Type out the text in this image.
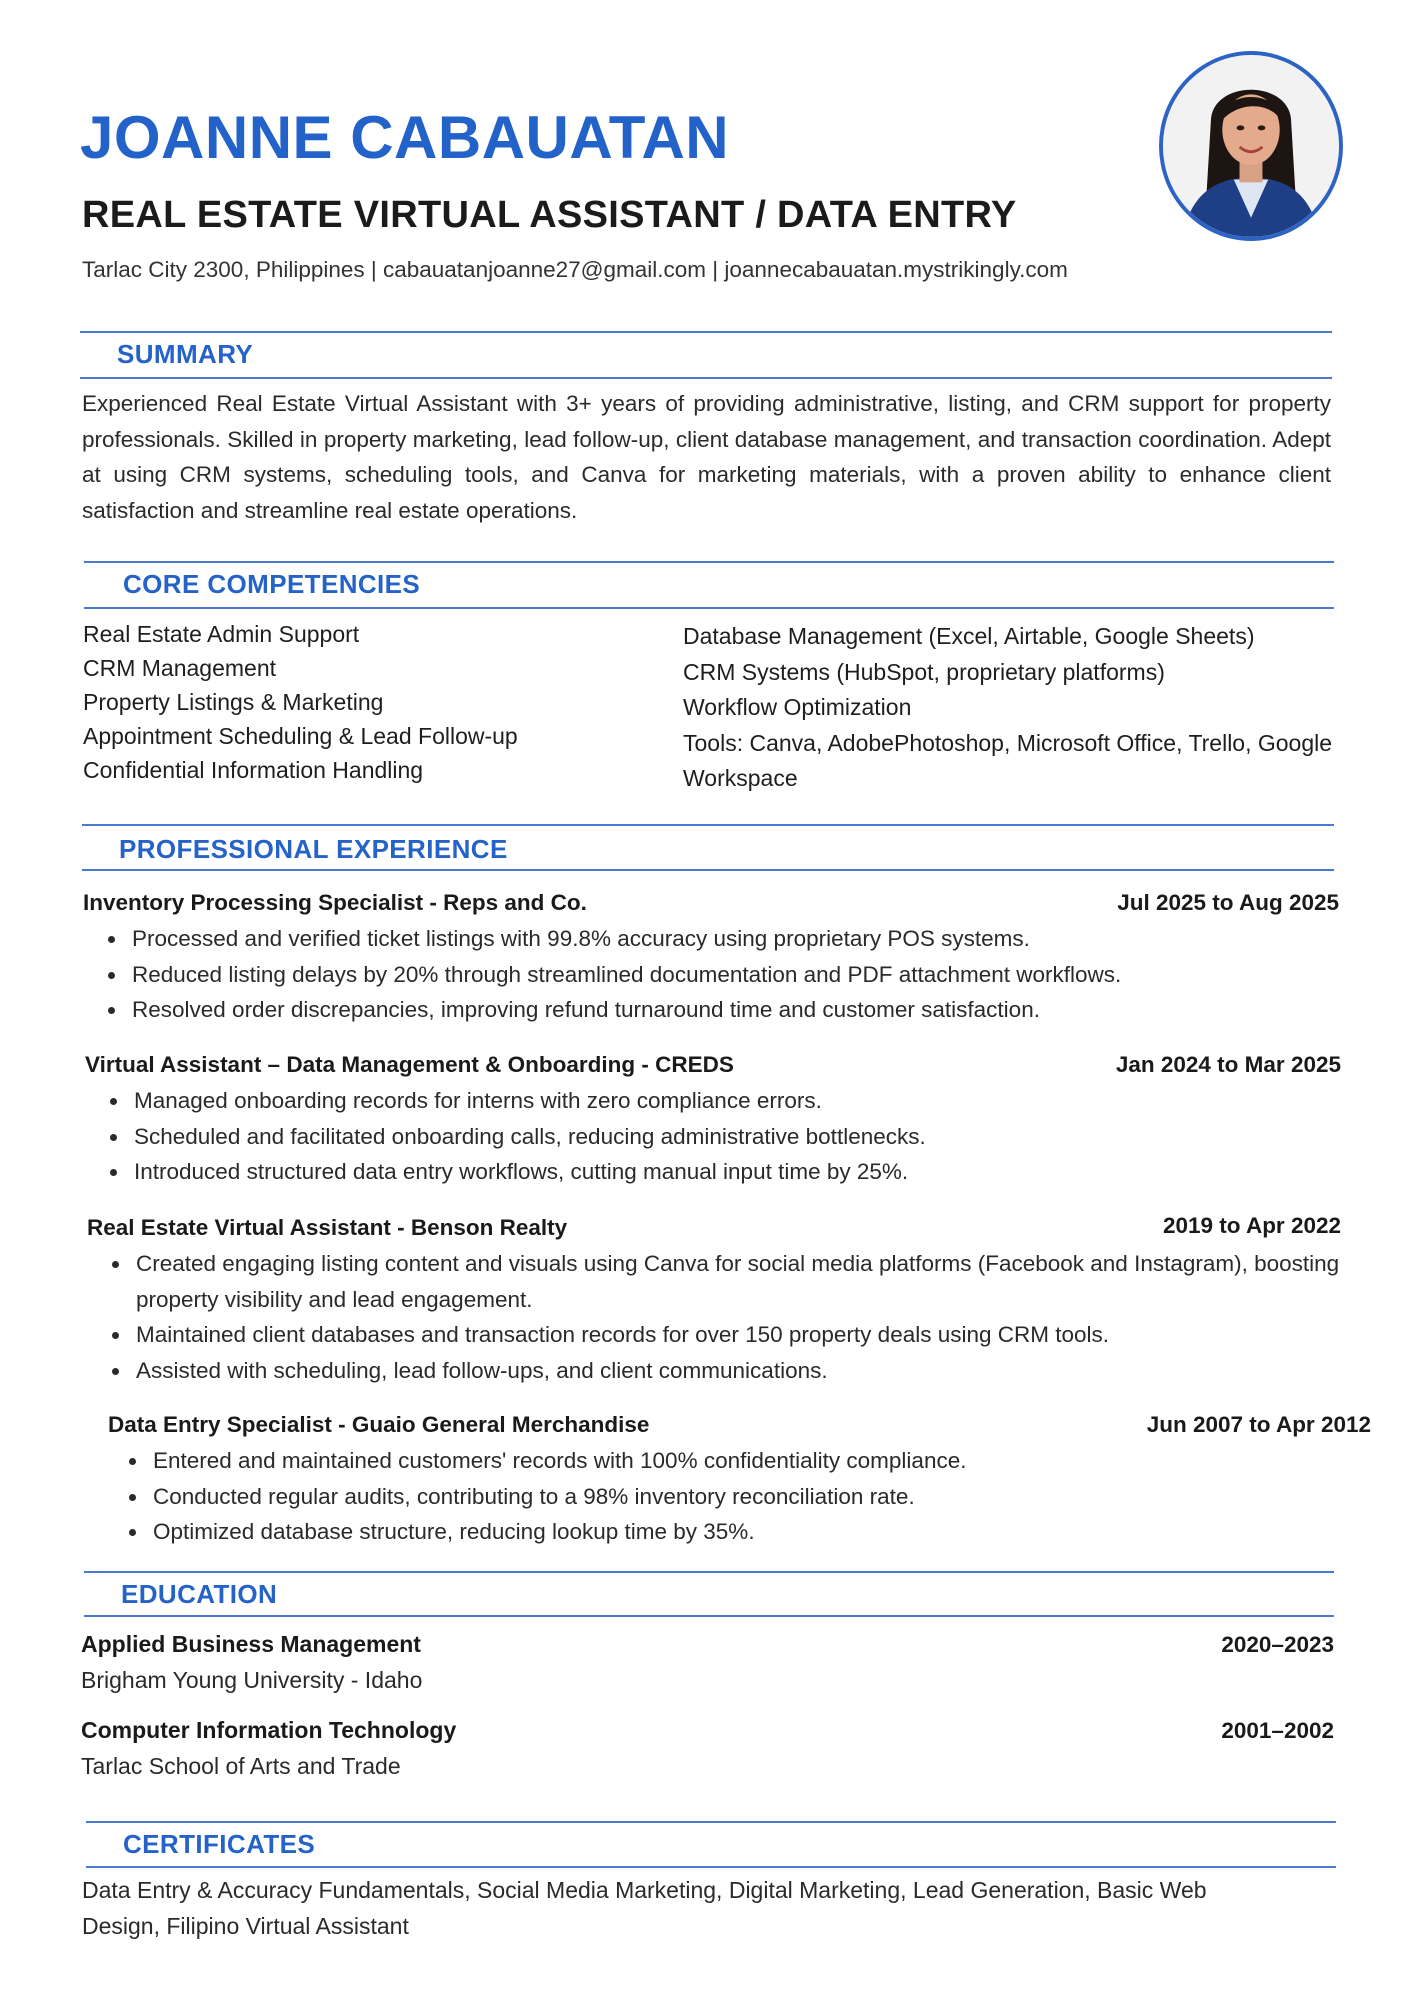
JOANNE CABAUATAN
REAL ESTATE VIRTUAL ASSISTANT / DATA ENTRY
Tarlac City 2300, Philippines | cabauatanjoanne27@gmail.com | joannecabauatan.mystrikingly.com
SUMMARY

Experienced Real Estate Virtual Assistant with 3+ years of providing administrative, listing, and CRM support for property professionals. Skilled in property marketing, lead follow-up, client database management, and transaction coordination. Adept at using CRM systems, scheduling tools, and Canva for marketing materials, with a proven ability to enhance client satisfaction and streamline real estate operations.

CORE COMPETENCIES
Real Estate Admin Support
CRM Management
Property Listings & Marketing
Appointment Scheduling & Lead Follow-up
Confidential Information Handling
Database Management (Excel, Airtable, Google Sheets)
CRM Systems (HubSpot, proprietary platforms)
Workflow Optimization
Tools: Canva, AdobePhotoshop, Microsoft Office, Trello, Google Workspace
PROFESSIONAL EXPERIENCE
Inventory Processing Specialist - Reps and Co.	Jul 2025 to Aug 2025
• Processed and verified ticket listings with 99.8% accuracy using proprietary POS systems.
• Reduced listing delays by 20% through streamlined documentation and PDF attachment workflows.
• Resolved order discrepancies, improving refund turnaround time and customer satisfaction.
Virtual Assistant – Data Management & Onboarding - CREDS	Jan 2024 to Mar 2025
• Managed onboarding records for interns with zero compliance errors.
• Scheduled and facilitated onboarding calls, reducing administrative bottlenecks.
• Introduced structured data entry workflows, cutting manual input time by 25%.
Real Estate Virtual Assistant - Benson Realty	2019 to Apr 2022
• Created engaging listing content and visuals using Canva for social media platforms (Facebook and Instagram), boosting property visibility and lead engagement.
• Maintained client databases and transaction records for over 150 property deals using CRM tools.
• Assisted with scheduling, lead follow-ups, and client communications.
Data Entry Specialist - Guaio General Merchandise	Jun 2007 to Apr 2012
• Entered and maintained customers' records with 100% confidentiality compliance.
• Conducted regular audits, contributing to a 98% inventory reconciliation rate.
• Optimized database structure, reducing lookup time by 35%.
EDUCATION
Applied Business Management	2020–2023
Brigham Young University - Idaho
Computer Information Technology	2001–2002
Tarlac School of Arts and Trade
CERTIFICATES

Data Entry & Accuracy Fundamentals, Social Media Marketing, Digital Marketing, Lead Generation, Basic Web Design, Filipino Virtual Assistant
